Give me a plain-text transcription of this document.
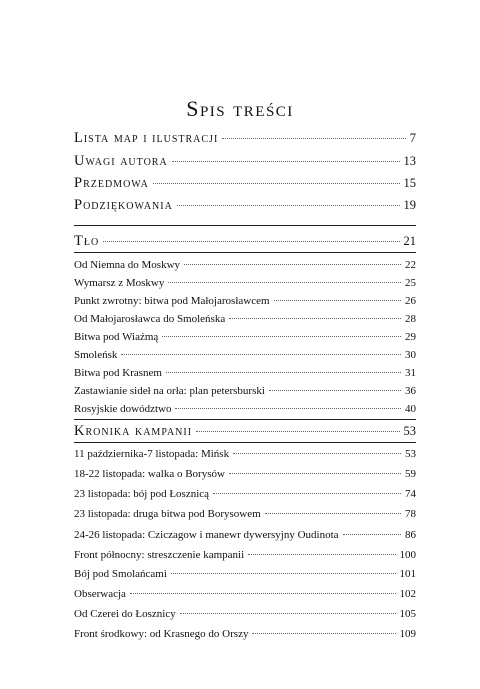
Spis treści
Lista map i ilustracji	7
Uwagi autora	13
Przedmowa	15
Podziękowania	19
Tło	21
Od Niemna do Moskwy	22
Wymarsz z Moskwy	25
Punkt zwrotny: bitwa pod Małojarosławcem	26
Od Małojarosławca do Smoleńska	28
Bitwa pod Wiaźmą	29
Smoleńsk	30
Bitwa pod Krasnem	31
Zastawianie sideł na orła: plan petersburski	36
Rosyjskie dowództwo	40
Kronika kampanii	53
11 października-7 listopada: Mińsk	53
18-22 listopada: walka o Borysów	59
23 listopada: bój pod Łosznicą	74
23 listopada: druga bitwa pod Borysowem	78
24-26 listopada: Cziczagow i manewr dywersyjny Oudinota	86
Front północny: streszczenie kampanii	100
Bój pod Smolańcami	101
Obserwacja	102
Od Czerei do Łosznicy	105
Front środkowy: od Krasnego do Orszy	109
